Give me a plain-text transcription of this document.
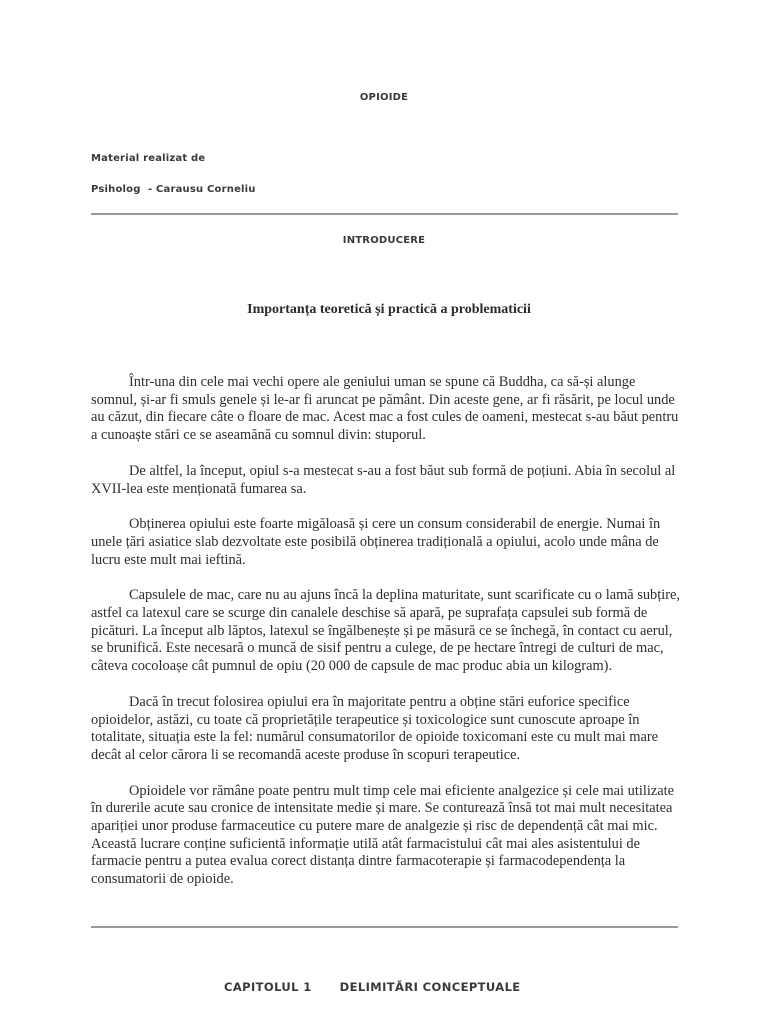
OPIOIDE
Material realizat de
Psiholog  - Carausu Corneliu
INTRODUCERE
Importanța teoretică și practică a problematicii

Într-una din cele mai vechi opere ale geniului uman se spune că Buddha, ca să-și alunge somnul, și-ar fi smuls genele și le-ar fi aruncat pe pământ. Din aceste gene, ar fi răsărit, pe locul unde au căzut, din fiecare câte o floare de mac. Acest mac a fost cules de oameni, mestecat s-au băut pentru a cunoaște stări ce se aseamănă cu somnul divin: stuporul.

De altfel, la început, opiul s-a mestecat s-au a fost băut sub formă de poțiuni. Abia în secolul al XVII-lea este menționată fumarea sa.

Obținerea opiului este foarte migăloasă și cere un consum considerabil de energie. Numai în unele țări asiatice slab dezvoltate este posibilă obținerea tradițională a opiului, acolo unde mâna de lucru este mult mai ieftină.

Capsulele de mac, care nu au ajuns încă la deplina maturitate, sunt scarificate cu o lamă subțire, astfel ca latexul care se scurge din canalele deschise să apară, pe suprafața capsulei sub formă de picături. La început alb lăptos, latexul se îngălbenește și pe măsură ce se închegă, în contact cu aerul, se brunifică. Este necesară o muncă de sisif pentru a culege, de pe hectare întregi de culturi de mac, câteva cocoloașe cât pumnul de opiu (20 000 de capsule de mac produc abia un kilogram).

Dacă în trecut folosirea opiului era în majoritate pentru a obține stări euforice specifice opioidelor, astăzi, cu toate că proprietățile terapeutice și toxicologice sunt cunoscute aproape în totalitate, situația este la fel: numărul consumatorilor de opioide toxicomani este cu mult mai mare decât al celor cărora li se recomandă aceste produse în scopuri terapeutice.

Opioidele vor rămâne poate pentru mult timp cele mai eficiente analgezice și cele mai utilizate în durerile acute sau cronice de intensitate medie și mare. Se conturează însă tot mai mult necesitatea apariției unor produse farmaceutice cu putere mare de analgezie și risc de dependență cât mai mic. Această lucrare conține suficientă informație utilă atât farmacistului cât mai ales asistentului de farmacie pentru a putea evalua corect distanța dintre farmacoterapie și farmacodependența la consumatorii de opioide.

CAPITOLUL 1 DELIMITĂRI CONCEPTUALE
